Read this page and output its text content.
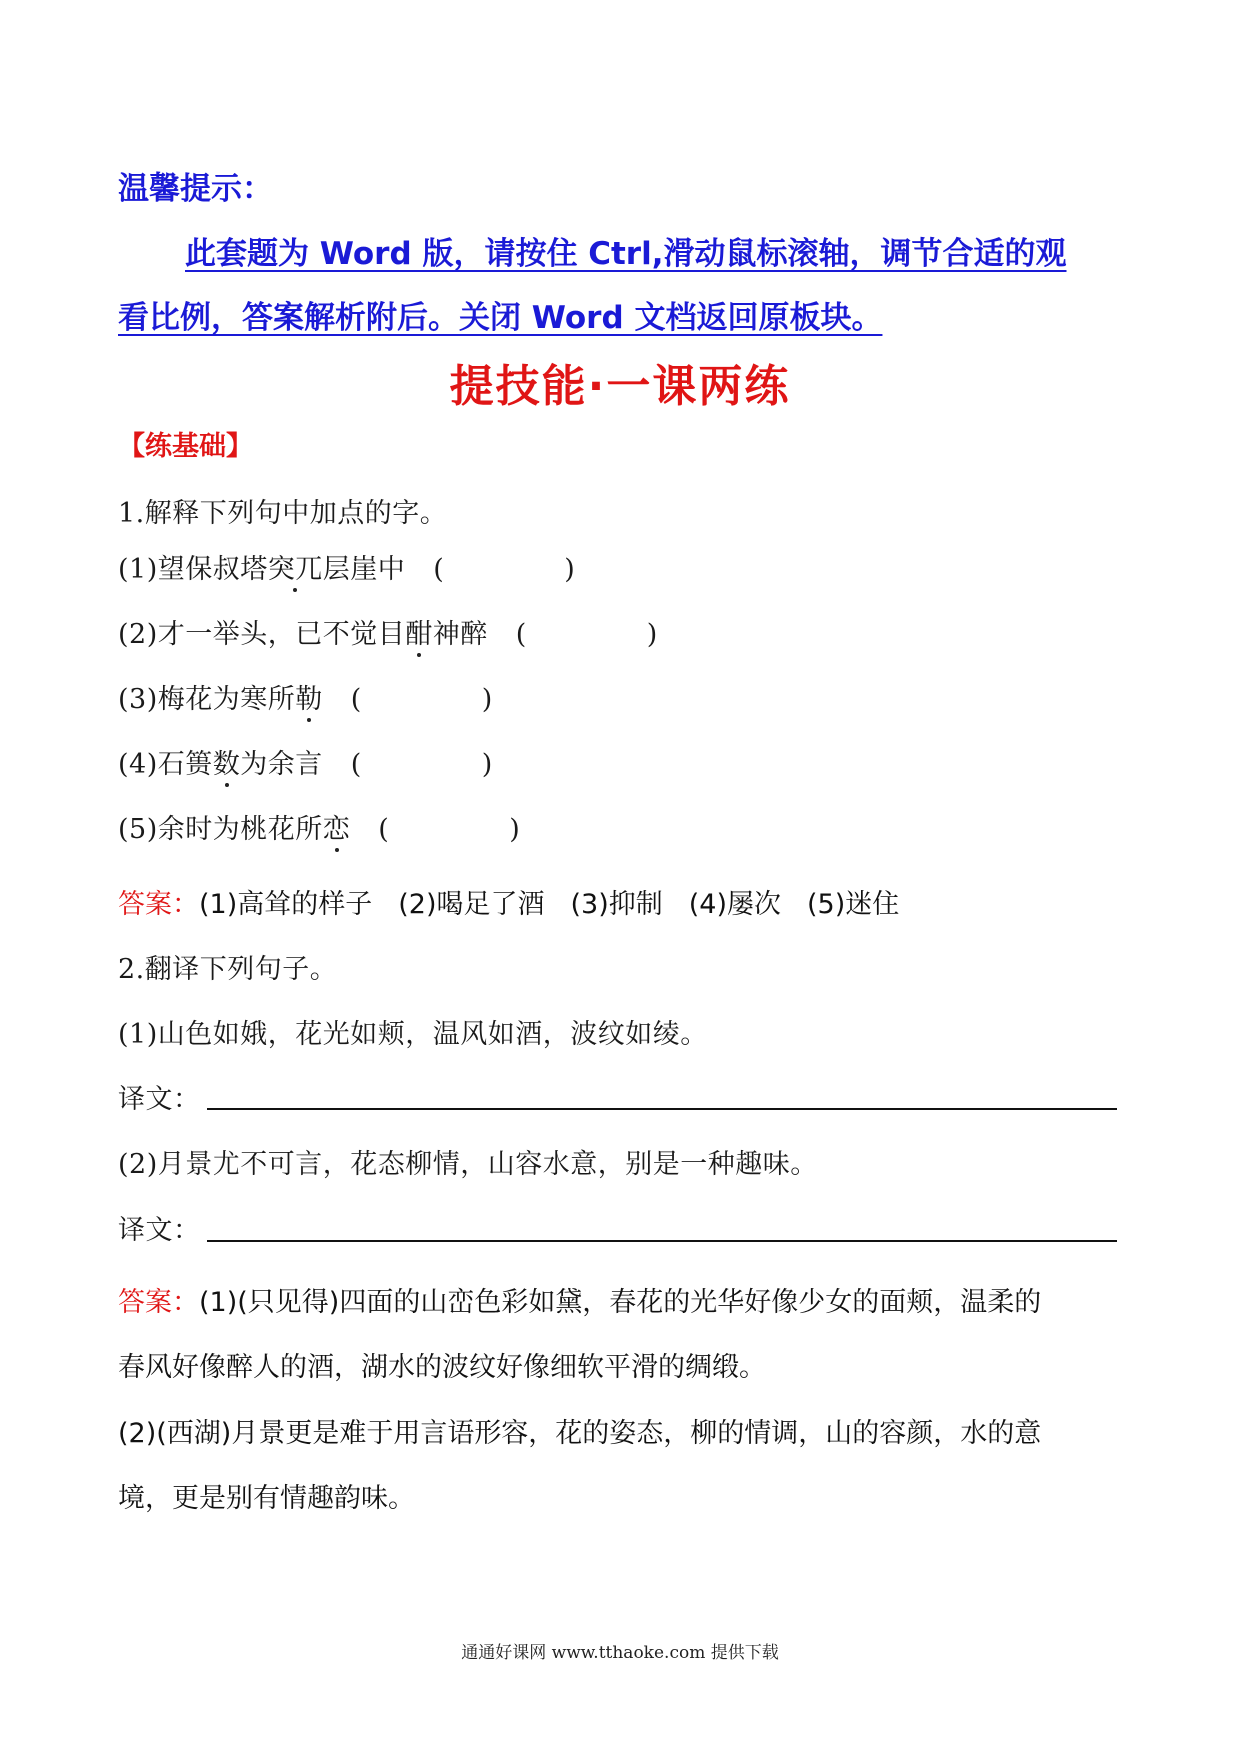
温馨提示：
此套题为 Word 版，请按住 Ctrl,滑动鼠标滚轴，调节合适的观
看比例，答案解析附后。关闭 Word 文档返回原板块。
提技能·一课两练
【练基础】
1.解释下列句中加点的字。
(1)望保叔塔突兀层崖中 (	)
(2)才一举头，已不觉目酣神醉 (	)
(3)梅花为寒所勒 (	)
(4)石篑数为余言 (	)
(5)余时为桃花所恋 (	)
答案：(1)高耸的样子 (2)喝足了酒 (3)抑制 (4)屡次 (5)迷住
2.翻译下列句子。
(1)山色如娥，花光如颊，温风如酒，波纹如绫。
译文：
(2)月景尤不可言，花态柳情，山容水意，别是一种趣味。
译文：
答案：(1)(只见得)四面的山峦色彩如黛，春花的光华好像少女的面颊，温柔的
春风好像醉人的酒，湖水的波纹好像细软平滑的绸缎。
(2)(西湖)月景更是难于用言语形容，花的姿态，柳的情调，山的容颜，水的意
境，更是别有情趣韵味。
通通好课网 www.tthaoke.com 提供下载
